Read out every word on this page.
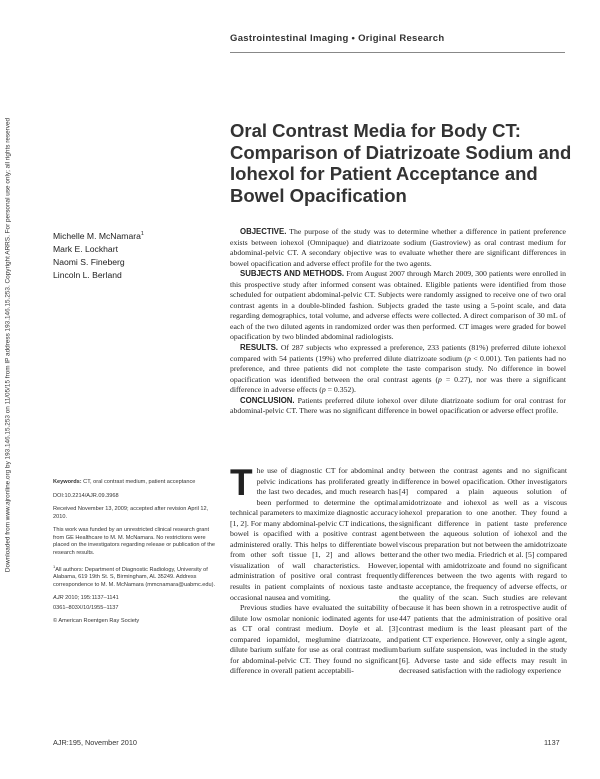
Downloaded from www.ajronline.org by 193.146.15.253 on 11/05/15 from IP address 193.146.15.253. Copyright ARRS. For personal use only; all rights reserved
Gastrointestinal Imaging • Original Research
Oral Contrast Media for Body CT: Comparison of Diatrizoate Sodium and Iohexol for Patient Acceptance and Bowel Opacification
Michelle M. McNamara$^1$
Mark E. Lockhart
Naomi S. Fineberg
Lincoln L. Berland

OBJECTIVE. The purpose of the study was to determine whether a difference in patient preference exists between iohexol (Omnipaque) and diatrizoate sodium (Gastroview) as oral contrast medium for abdominal-pelvic CT. A secondary objective was to evaluate whether there are significant differences in bowel opacification and adverse effect profile for the two agents.

SUBJECTS AND METHODS. From August 2007 through March 2009, 300 patients were enrolled in this prospective study after informed consent was obtained. Eligible patients were identified from those scheduled for outpatient abdominal-pelvic CT. Subjects were randomly assigned to receive one of two oral contrast agents in a double-blinded fashion. Subjects graded the taste using a 5-point scale, and data regarding demographics, total volume, and adverse effects were collected. A direct comparison of 30 mL of each of the two diluted agents in randomized order was then performed. CT images were graded for bowel opacification by two blinded abdominal radiologists.

RESULTS. Of 287 subjects who expressed a preference, 233 patients (81%) preferred dilute iohexol compared with 54 patients (19%) who preferred dilute diatrizoate sodium (p < 0.001). Ten patients had no preference, and three patients did not complete the taste comparison study. No difference in bowel opacification was identified between the oral contrast agents (p = 0.27), nor was there a significant difference in adverse effects (p = 0.352).

CONCLUSION. Patients preferred dilute iohexol over dilute diatrizoate sodium for oral contrast for abdominal-pelvic CT. There was no significant difference in bowel opacification or adverse effect profile.

Keywords: CT, oral contrast medium, patient acceptance

DOI:10.2214/AJR.09.3968

Received November 13, 2009; accepted after revision April 12, 2010.

This work was funded by an unrestricted clinical research grant from GE Healthcare to M. M. McNamara. No restrictions were placed on the investigators regarding release or publication of the research results.

$^1$All authors: Department of Diagnostic Radiology, University of Alabama, 619 19th St. S, Birmingham, AL 35249. Address correspondence to M. M. McNamara (mmcnamara@uabmc.edu).

AJR 2010; 195:1137–1141

0361–803X/10/1955–1137

© American Roentgen Ray Society

The use of diagnostic CT for abdominal and pelvic indications has proliferated greatly in the last two decades, and much research has been performed to determine the optimal technical parameters to maximize diagnostic accuracy [1, 2]. For many abdominal-pelvic CT indications, the bowel is opacified with a positive contrast agent administered orally. This helps to differentiate bowel from other soft tissue [1, 2] and allows better visualization of wall characteristics. However, administration of positive oral contrast frequently results in patient complaints of noxious taste and occasional nausea and vomiting.

Previous studies have evaluated the suitability of dilute low osmolar nonionic iodinated agents for use as CT oral contrast medium. Doyle et al. [3] compared iopamidol, meglumine diatrizoate, and dilute barium sulfate for use as oral contrast medium for abdominal-pelvic CT. They found no significant difference in overall patient acceptabili-

ty between the contrast agents and no significant difference in bowel opacification. Other investigators [4] compared a plain aqueous solution of amidotrizoate and iohexol as well as a viscous iohexol preparation to one another. They found a significant difference in patient taste preference between the aqueous solution of iohexol and the viscous preparation but not between the amidotrizoate and the other two media. Friedrich et al. [5] compared iopental with amidotrizoate and found no significant differences between the two agents with regard to taste acceptance, the frequency of adverse effects, or the quality of the scan. Such studies are relevant because it has been shown in a retrospective audit of 447 patients that the administration of positive oral contrast medium is the least pleasant part of the patient CT experience. However, only a single agent, barium sulfate suspension, was included in the study [6]. Adverse taste and side effects may result in decreased satisfaction with the radiology experience

AJR:195, November 2010	1137
